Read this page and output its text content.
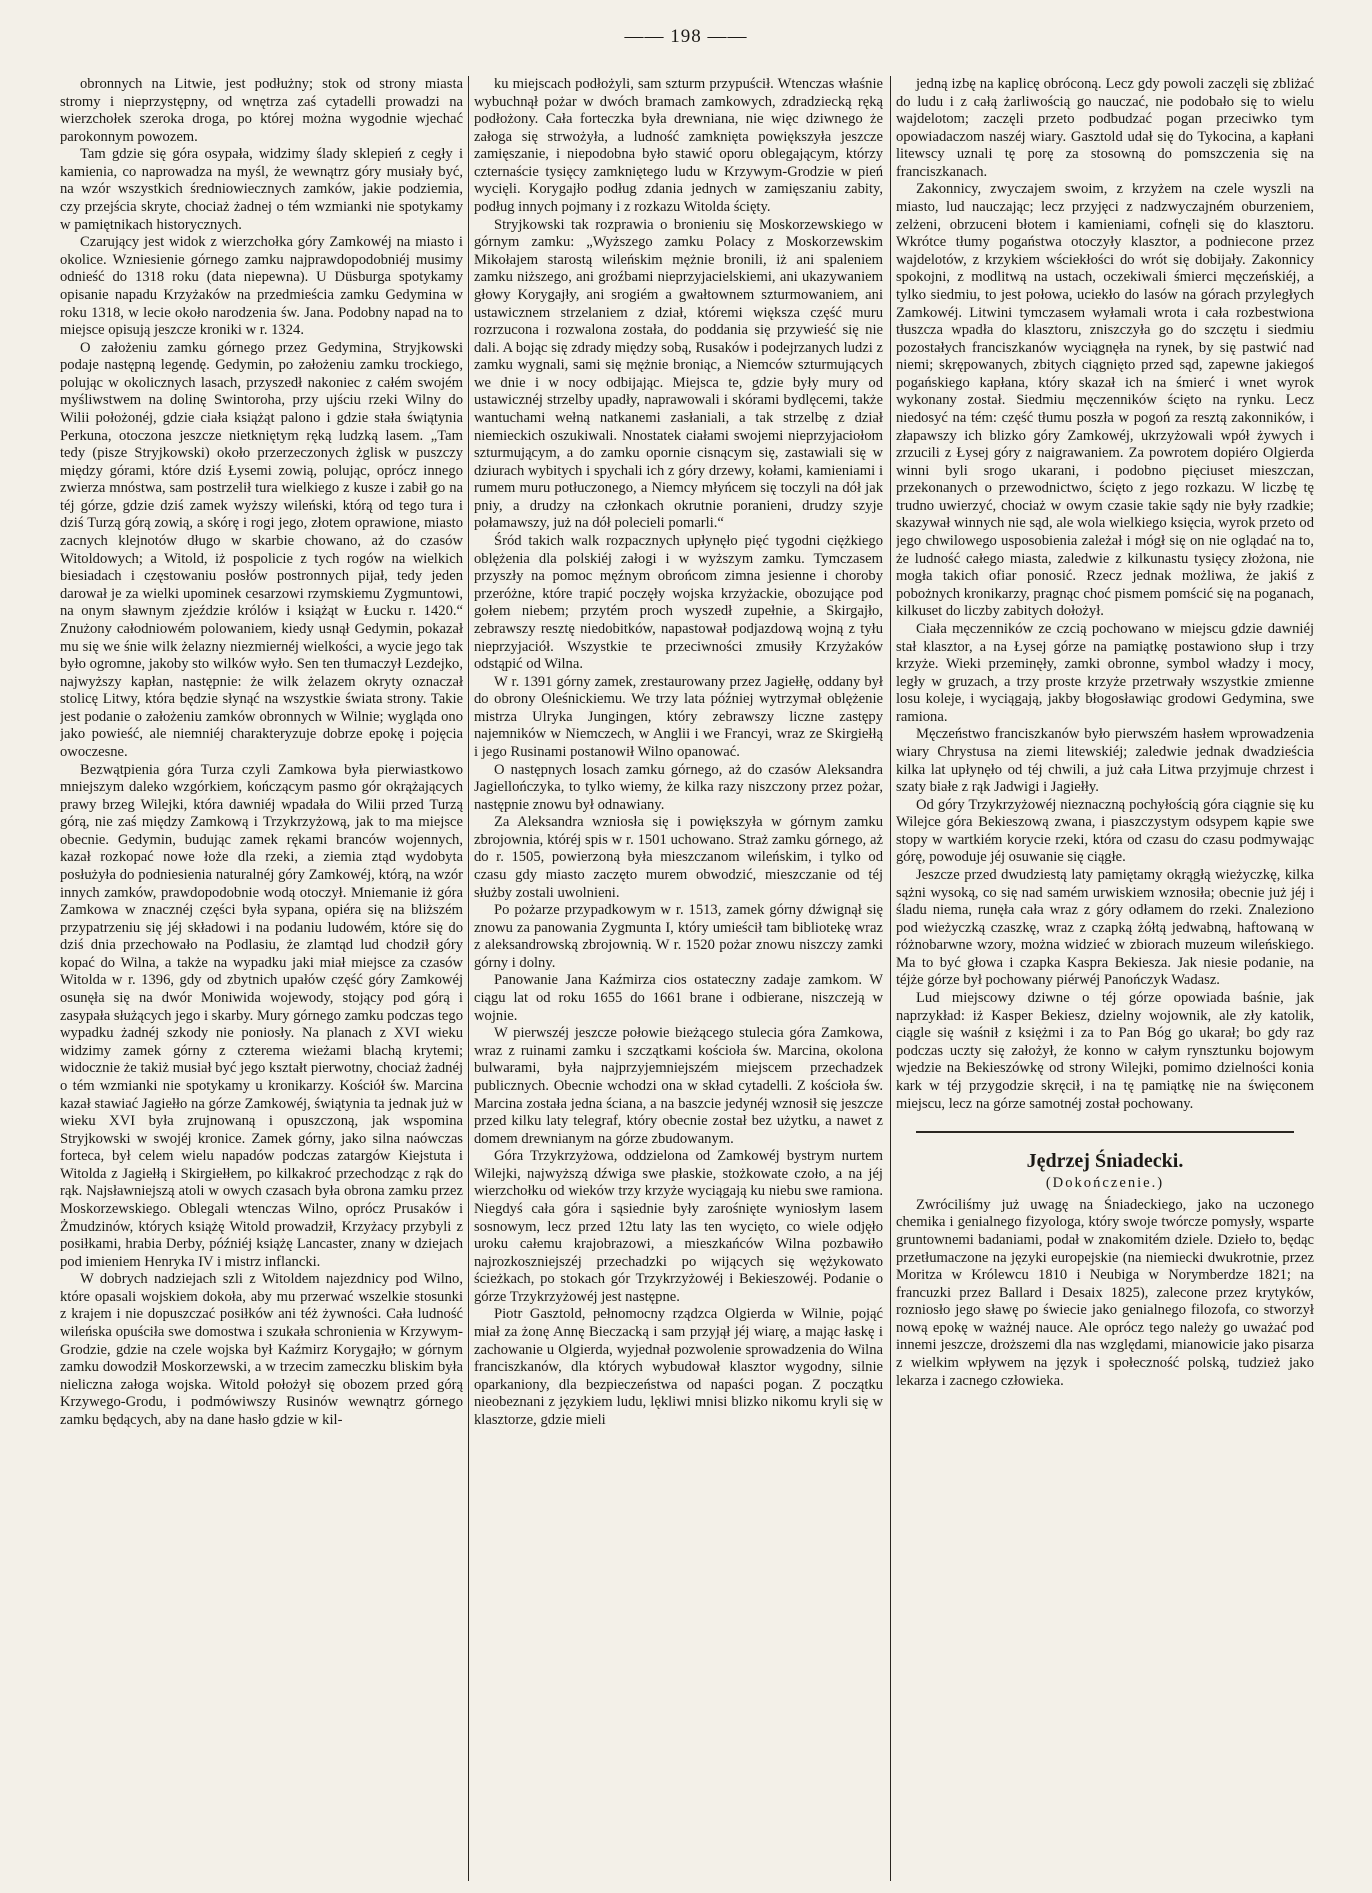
—— 198 ——

obronnych na Litwie, jest podłużny; stok od strony miasta stromy i nieprzystępny, od wnętrza zaś cytadelli prowadzi na wierzchołek szeroka droga, po której można wygodnie wjechać parokonnym powozem.

Tam gdzie się góra osypała, widzimy ślady sklepień z cegły i kamienia, co naprowadza na myśl, że wewnątrz góry musiały być, na wzór wszystkich średniowiecznych zamków, jakie podziemia, czy przejścia skryte, chociaż żadnej o tém wzmianki nie spotykamy w pamiętnikach historycznych.

Czarujący jest widok z wierzchołka góry Zamkowéj na miasto i okolice. Wzniesienie górnego zamku najprawdopodobniéj musimy odnieść do 1318 roku (data niepewna). U Düsburga spotykamy opisanie napadu Krzyżaków na przedmieścia zamku Gedymina w roku 1318, w lecie około narodzenia św. Jana. Podobny napad na to miejsce opisują jeszcze kroniki w r. 1324.

O założeniu zamku górnego przez Gedymina, Stryjkowski podaje następną legendę. Gedymin, po założeniu zamku trockiego, polując w okolicznych lasach, przyszedł nakoniec z całém swojém myśliwstwem na dolinę Swintoroha, przy ujściu rzeki Wilny do Wilii położonéj, gdzie ciała książąt palono i gdzie stała świątynia Perkuna, otoczona jeszcze nietkniętym ręką ludzką lasem. „Tam tedy (pisze Stryjkowski) około przerzeczonych żglisk w puszczy między górami, które dziś Łysemi zowią, polując, oprócz innego zwierza mnóstwa, sam postrzelił tura wielkiego z kusze i zabił go na téj górze, gdzie dziś zamek wyższy wileński, którą od tego tura i dziś Turzą górą zowią, a skórę i rogi jego, złotem oprawione, miasto zacnych klejnotów długo w skarbie chowano, aż do czasów Witoldowych; a Witold, iż pospolicie z tych rogów na wielkich biesiadach i częstowaniu posłów postronnych pijał, tedy jeden darował je za wielki upominek cesarzowi rzymskiemu Zygmuntowi, na onym sławnym zjeździe królów i książąt w Łucku r. 1420.“ Znużony całodniowém polowaniem, kiedy usnął Gedymin, pokazał mu się we śnie wilk żelazny niezmiernéj wielkości, a wycie jego tak było ogromne, jakoby sto wilków wyło. Sen ten tłumaczył Lezdejko, najwyższy kapłan, następnie: że wilk żelazem okryty oznaczał stolicę Litwy, która będzie słynąć na wszystkie świata strony. Takie jest podanie o założeniu zamków obronnych w Wilnie; wygląda ono jako powieść, ale niemniéj charakteryzuje dobrze epokę i pojęcia owoczesne.

Bezwątpienia góra Turza czyli Zamkowa była pierwiastkowo mniejszym daleko wzgórkiem, kończącym pasmo gór okrążających prawy brzeg Wilejki, która dawniéj wpadała do Wilii przed Turzą górą, nie zaś między Zamkową i Trzykrzyżową, jak to ma miejsce obecnie. Gedymin, budując zamek rękami branców wojennych, kazał rozkopać nowe łoże dla rzeki, a ziemia ztąd wydobyta posłużyła do podniesienia naturalnéj góry Zamkowéj, którą, na wzór innych zamków, prawdopodobnie wodą otoczył. Mniemanie iż góra Zamkowa w znacznéj części była sypana, opiéra się na bliższém przypatrzeniu się jéj składowi i na podaniu ludowém, które się do dziś dnia przechowało na Podlasiu, że zlamtąd lud chodził góry kopać do Wilna, a także na wypadku jaki miał miejsce za czasów Witolda w r. 1396, gdy od zbytnich upałów część góry Zamkowéj osunęła się na dwór Moniwida wojewody, stojący pod górą i zasypała służących jego i skarby. Mury górnego zamku podczas tego wypadku żadnéj szkody nie poniosły. Na planach z XVI wieku widzimy zamek górny z czterema wieżami blachą krytemi; widocznie że takiż musiał być jego kształt pierwotny, chociaż żadnéj o tém wzmianki nie spotykamy u kronikarzy. Kościół św. Marcina kazał stawiać Jagiełło na górze Zamkowéj, świątynia ta jednak już w wieku XVI była zrujnowaną i opuszczoną, jak wspomina Stryjkowski w swojéj kronice. Zamek górny, jako silna naówczas forteca, był celem wielu napadów podczas zatargów Kiejstuta i Witolda z Jagiełłą i Skirgiełłem, po kilkakroć przechodząc z rąk do rąk. Najsławniejszą atoli w owych czasach była obrona zamku przez Moskorzewskiego. Oblegali wtenczas Wilno, oprócz Prusaków i Żmudzinów, których książę Witold prowadził, Krzyżacy przybyli z posiłkami, hrabia Derby, późniéj książę Lancaster, znany w dziejach pod imieniem Henryka IV i mistrz inflancki.

W dobrych nadziejach szli z Witoldem najezdnicy pod Wilno, które opasali wojskiem dokoła, aby mu przerwać wszelkie stosunki z krajem i nie dopuszczać posiłków ani téż żywności. Cała ludność wileńska opuściła swe domostwa i szukała schronienia w Krzywym-Grodzie, gdzie na czele wojska był Kaźmirz Korygajło; w górnym zamku dowodził Moskorzewski, a w trzecim zameczku bliskim była nieliczna załoga wojska. Witold położył się obozem przed górą Krzywego-Grodu, i podmówiwszy Rusinów wewnątrz górnego zamku będących, aby na dane hasło gdzie w kil-

ku miejscach podłożyli, sam szturm przypuścił. Wtenczas właśnie wybuchnął pożar w dwóch bramach zamkowych, zdradziecką ręką podłożony. Cała forteczka była drewniana, nie więc dziwnego że załoga się strwożyła, a ludność zamknięta powiększyła jeszcze zamięszanie, i niepodobna było stawić oporu oblegającym, którzy czternaście tysięcy zamkniętego ludu w Krzywym-Grodzie w pień wycięli. Korygajło podług zdania jednych w zamięszaniu zabity, podług innych pojmany i z rozkazu Witolda ścięty.

Stryjkowski tak rozprawia o bronieniu się Moskorzewskiego w górnym zamku: „Wyższego zamku Polacy z Moskorzewskim Mikołajem starostą wileńskim mężnie bronili, iż ani spaleniem zamku niższego, ani groźbami nieprzyjacielskiemi, ani ukazywaniem głowy Korygajły, ani srogiém a gwałtownem szturmowaniem, ani ustawicznem strzelaniem z dział, któremi większa część muru rozrzucona i rozwalona została, do poddania się przywieść się nie dali. A bojąc się zdrady między sobą, Rusaków i podejrzanych ludzi z zamku wygnali, sami się mężnie broniąc, a Niemców szturmujących we dnie i w nocy odbijając. Miejsca te, gdzie były mury od ustawicznéj strzelby upadły, naprawowali i skórami bydlęcemi, także wantuchami wełną natkanemi zasłaniali, a tak strzelbę z dział niemieckich oszukiwali. Nnostatek ciałami swojemi nieprzyjaciołom szturmującym, a do zamku opornie cisnącym się, zastawiali się w dziurach wybitych i spychali ich z góry drzewy, kołami, kamieniami i rumem muru potłuczonego, a Niemcy młyńcem się toczyli na dół jak pniy, a drudzy na członkach okrutnie poranieni, drudzy szyje połamawszy, już na dół polecieli pomarli.“

Śród takich walk rozpacznych upłynęło pięć tygodni ciężkiego oblężenia dla polskiéj załogi i w wyższym zamku. Tymczasem przyszły na pomoc męźnym obrońcom zimna jesienne i choroby przeróżne, które trapić poczęły wojska krzyżackie, obozujące pod gołem niebem; przytém proch wyszedł zupełnie, a Skirgajło, zebrawszy resztę niedobitków, napastował podjazdową wojną z tyłu nieprzyjaciół. Wszystkie te przeciwności zmusiły Krzyżaków odstąpić od Wilna.

W r. 1391 górny zamek, zrestaurowany przez Jagiełłę, oddany był do obrony Oleśnickiemu. We trzy lata później wytrzymał oblężenie mistrza Ulryka Jungingen, który zebrawszy liczne zastępy najemników w Niemczech, w Anglii i we Francyi, wraz ze Skirgiełłą i jego Rusinami postanowił Wilno opanować.

O następnych losach zamku górnego, aż do czasów Aleksandra Jagiellończyka, to tylko wiemy, że kilka razy niszczony przez pożar, następnie znowu był odnawiany.

Za Aleksandra wzniosła się i powiększyła w górnym zamku zbrojownia, któréj spis w r. 1501 uchowano. Straż zamku górnego, aż do r. 1505, powierzoną była mieszczanom wileńskim, i tylko od czasu gdy miasto zaczęto murem obwodzić, mieszczanie od téj służby zostali uwolnieni.

Po pożarze przypadkowym w r. 1513, zamek górny dźwignął się znowu za panowania Zygmunta I, który umieścił tam bibliotekę wraz z aleksandrowską zbrojownią. W r. 1520 pożar znowu niszczy zamki górny i dolny.

Panowanie Jana Kaźmirza cios ostateczny zadaje zamkom. W ciągu lat od roku 1655 do 1661 brane i odbierane, niszczeją w wojnie.

W pierwszéj jeszcze połowie bieżącego stulecia góra Zamkowa, wraz z ruinami zamku i szczątkami kościoła św. Marcina, okolona bulwarami, była najprzyjemniejszém miejscem przechadzek publicznych. Obecnie wchodzi ona w skład cytadelli. Z kościoła św. Marcina została jedna ściana, a na baszcie jedynéj wznosił się jeszcze przed kilku laty telegraf, który obecnie został bez użytku, a nawet z domem drewnianym na górze zbudowanym.

Góra Trzykrzyżowa, oddzielona od Zamkowéj bystrym nurtem Wilejki, najwyższą dźwiga swe płaskie, stożkowate czoło, a na jéj wierzchołku od wieków trzy krzyże wyciągają ku niebu swe ramiona. Niegdyś cała góra i sąsiednie były zarośnięte wyniosłym lasem sosnowym, lecz przed 12tu laty las ten wycięto, co wiele odjęło uroku całemu krajobrazowi, a mieszkańców Wilna pozbawiło najrozkoszniejszéj przechadzki po wijących się wężykowato ścieżkach, po stokach gór Trzykrzyżowéj i Bekieszowéj. Podanie o górze Trzykrzyżowéj jest następne.

Piotr Gasztold, pełnomocny rządzca Olgierda w Wilnie, pojąć miał za żonę Annę Bieczacką i sam przyjął jéj wiarę, a mając łaskę i zachowanie u Olgierda, wyjednał pozwolenie sprowadzenia do Wilna franciszkanów, dla których wybudował klasztor wygodny, silnie oparkaniony, dla bezpieczeństwa od napaści pogan. Z początku nieobeznani z językiem ludu, lękliwi mnisi blizko nikomu kryli się w klasztorze, gdzie mieli

jedną izbę na kaplicę obróconą. Lecz gdy powoli zaczęli się zbliżać do ludu i z całą żarliwością go nauczać, nie podobało się to wielu wajdelotom; zaczęli przeto podbudzać pogan przeciwko tym opowiadaczom naszéj wiary. Gasztold udał się do Tykocina, a kapłani litewscy uznali tę porę za stosowną do pomszczenia się na franciszkanach.

Zakonnicy, zwyczajem swoim, z krzyżem na czele wyszli na miasto, lud nauczając; lecz przyjęci z nadzwyczajném oburzeniem, zelżeni, obrzuceni błotem i kamieniami, cofnęli się do klasztoru. Wkrótce tłumy pogaństwa otoczyły klasztor, a podniecone przez wajdelotów, z krzykiem wściekłości do wrót się dobijały. Zakonnicy spokojni, z modlitwą na ustach, oczekiwali śmierci męczeńskiéj, a tylko siedmiu, to jest połowa, uciekło do lasów na górach przyległych Zamkowéj. Litwini tymczasem wyłamali wrota i cała rozbestwiona tłuszcza wpadła do klasztoru, zniszczyła go do szczętu i siedmiu pozostałych franciszkanów wyciągnęła na rynek, by się pastwić nad niemi; skrępowanych, zbitych ciągnięto przed sąd, zapewne jakiegoś pogańskiego kapłana, który skazał ich na śmierć i wnet wyrok wykonany został. Siedmiu męczenników ścięto na rynku. Lecz niedosyć na tém: część tłumu poszła w pogoń za resztą zakonników, i złapawszy ich blizko góry Zamkowéj, ukrzyżowali wpół żywych i zrzucili z Łysej góry z naigrawaniem. Za powrotem dopiéro Olgierda winni byli srogo ukarani, i podobno pięciuset mieszczan, przekonanych o przewodnictwo, ścięto z jego rozkazu. W liczbę tę trudno uwierzyć, chociaż w owym czasie takie sądy nie były rzadkie; skazywał winnych nie sąd, ale wola wielkiego księcia, wyrok przeto od jego chwilowego usposobienia zależał i mógł się on nie oglądać na to, że ludność całego miasta, zaledwie z kilkunastu tysięcy złożona, nie mogła takich ofiar ponosić. Rzecz jednak możliwa, że jakiś z pobożnych kronikarzy, pragnąc choć pismem pomścić się na poganach, kilkuset do liczby zabitych dołożył.

Ciała męczenników ze czcią pochowano w miejscu gdzie dawniéj stał klasztor, a na Łysej górze na pamiątkę postawiono słup i trzy krzyże. Wieki przeminęły, zamki obronne, symbol władzy i mocy, legły w gruzach, a trzy proste krzyże przetrwały wszystkie zmienne losu koleje, i wyciągają, jakby błogosławiąc grodowi Gedymina, swe ramiona.

Męczeństwo franciszkanów było pierwszém hasłem wprowadzenia wiary Chrystusa na ziemi litewskiéj; zaledwie jednak dwadzieścia kilka lat upłynęło od téj chwili, a już cała Litwa przyjmuje chrzest i szaty białe z rąk Jadwigi i Jagiełły.

Od góry Trzykrzyżowéj nieznaczną pochyłością góra ciągnie się ku Wilejce góra Bekieszową zwana, i piaszczystym odsypem kąpie swe stopy w wartkiém korycie rzeki, która od czasu do czasu podmywając górę, powoduje jéj osuwanie się ciągłe.

Jeszcze przed dwudziestą laty pamiętamy okrągłą wieżyczkę, kilka sążni wysoką, co się nad samém urwiskiem wznosiła; obecnie już jéj i śladu niema, runęła cała wraz z góry odłamem do rzeki. Znaleziono pod wieżyczką czaszkę, wraz z czapką żółtą jedwabną, haftowaną w różnobarwne wzory, można widzieć w zbiorach muzeum wileńskiego. Ma to być głowa i czapka Kaspra Bekiesza. Jak niesie podanie, na téjże górze był pochowany piérwéj Panończyk Wadasz.

Lud miejscowy dziwne o téj górze opowiada baśnie, jak naprzykład: iż Kasper Bekiesz, dzielny wojownik, ale zły katolik, ciągle się waśnił z księżmi i za to Pan Bóg go ukarał; bo gdy raz podczas uczty się założył, że konno w całym rynsztunku bojowym wjedzie na Bekieszówkę od strony Wilejki, pomimo dzielności konia kark w téj przygodzie skręcił, i na tę pamiątkę nie na święconem miejscu, lecz na górze samotnéj został pochowany.

Jędrzej Śniadecki.
(Dokończenie.)

Zwróciliśmy już uwagę na Śniadeckiego, jako na uczonego chemika i genialnego fizyologa, który swoje twórcze pomysły, wsparte gruntownemi badaniami, podał w znakomitém dziele. Dzieło to, będąc przetłumaczone na języki europejskie (na niemiecki dwukrotnie, przez Moritza w Królewcu 1810 i Neubiga w Norymberdze 1821; na francuzki przez Ballard i Desaix 1825), zalecone przez krytyków, rozniosło jego sławę po świecie jako genialnego filozofa, co stworzył nową epokę w ważnéj nauce. Ale oprócz tego należy go uważać pod innemi jeszcze, droższemi dla nas względami, mianowicie jako pisarza z wielkim wpływem na język i społeczność polską, tudzież jako lekarza i zacnego człowieka.
